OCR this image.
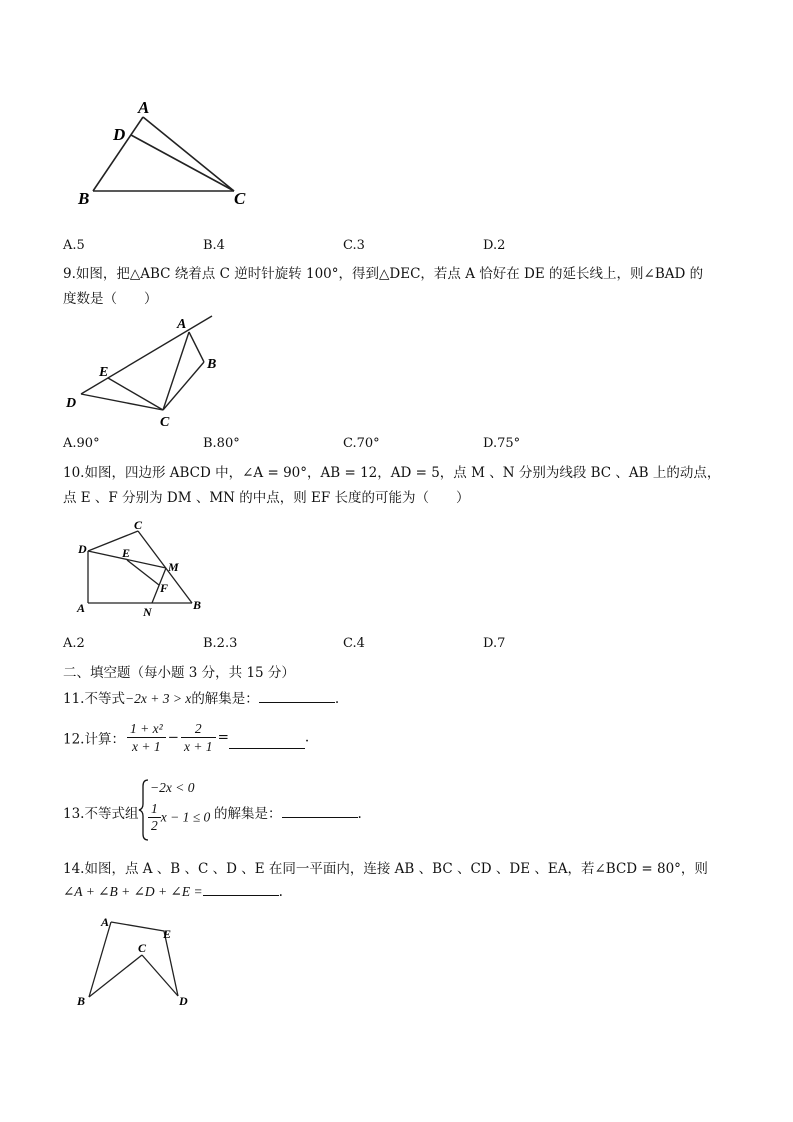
A
D
B	C
A.5	B.4	C.3	D.2
9.如图，把△ABC 绕着点 C 逆时针旋转 100°，得到△DEC，若点 A 恰好在 DE 的延长线上，则∠BAD 的
度数是（　　）
A
B
E
D
C
A.90°	B.80°	C.70°	D.75°
10.如图，四边形 ABCD 中，∠A = 90°，AB = 12，AD = 5，点 M 、N 分别为线段 BC 、AB 上的动点，
点 E 、F 分别为 DM 、MN 的中点，则 EF 长度的可能为（　　）
C
D	E
M
F
A	N	B
A.2	B.2.3	C.4	D.7
二、填空题（每小题 3 分，共 15 分）
11.不等式−2x + 3 > x的解集是：	.
12.计算： $\frac{\text{1 + x²}}{x + 1} - \frac{2}{x + 1}$ =	.
13.不等式组
−2x < 0
$\frac{1}{2}$ x − 1 ≤ 0 的解集是：	.
14.如图，点 A 、B 、C 、D 、E 在同一平面内，连接 AB 、BC 、CD 、DE 、EA，若∠BCD = 80°，则
∠A + ∠B + ∠D + ∠E =	.
A
E
C
B	D
